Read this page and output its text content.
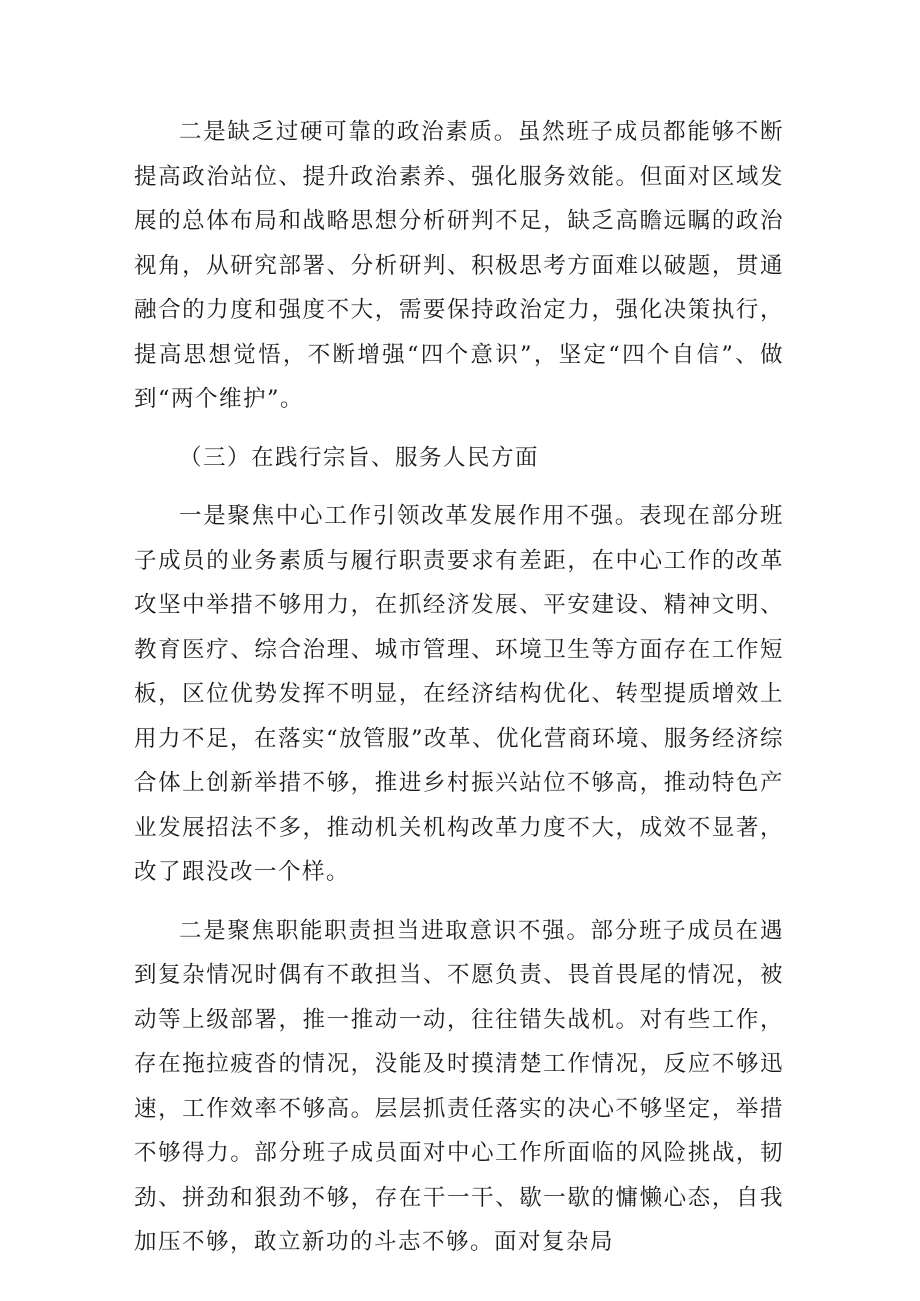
二是缺乏过硬可靠的政治素质。虽然班子成员都能够不断提高政治站位、提升政治素养、强化服务效能。但面对区域发展的总体布局和战略思想分析研判不足，缺乏高瞻远瞩的政治视角，从研究部署、分析研判、积极思考方面难以破题，贯通融合的力度和强度不大，需要保持政治定力，强化决策执行，提高思想觉悟，不断增强“四个意识”，坚定“四个自信”、做到“两个维护”。

（三）在践行宗旨、服务人民方面

一是聚焦中心工作引领改革发展作用不强。表现在部分班子成员的业务素质与履行职责要求有差距，在中心工作的改革攻坚中举措不够用力，在抓经济发展、平安建设、精神文明、教育医疗、综合治理、城市管理、环境卫生等方面存在工作短板，区位优势发挥不明显，在经济结构优化、转型提质增效上用力不足，在落实“放管服”改革、优化营商环境、服务经济综合体上创新举措不够，推进乡村振兴站位不够高，推动特色产业发展招法不多，推动机关机构改革力度不大，成效不显著，改了跟没改一个样。

二是聚焦职能职责担当进取意识不强。部分班子成员在遇到复杂情况时偶有不敢担当、不愿负责、畏首畏尾的情况，被动等上级部署，推一推动一动，往往错失战机。对有些工作，存在拖拉疲沓的情况，没能及时摸清楚工作情况，反应不够迅速，工作效率不够高。层层抓责任落实的决心不够坚定，举措不够得力。部分班子成员面对中心工作所面临的风险挑战，韧劲、拼劲和狠劲不够，存在干一干、歇一歇的慵懒心态，自我加压不够，敢立新功的斗志不够。面对复杂局
